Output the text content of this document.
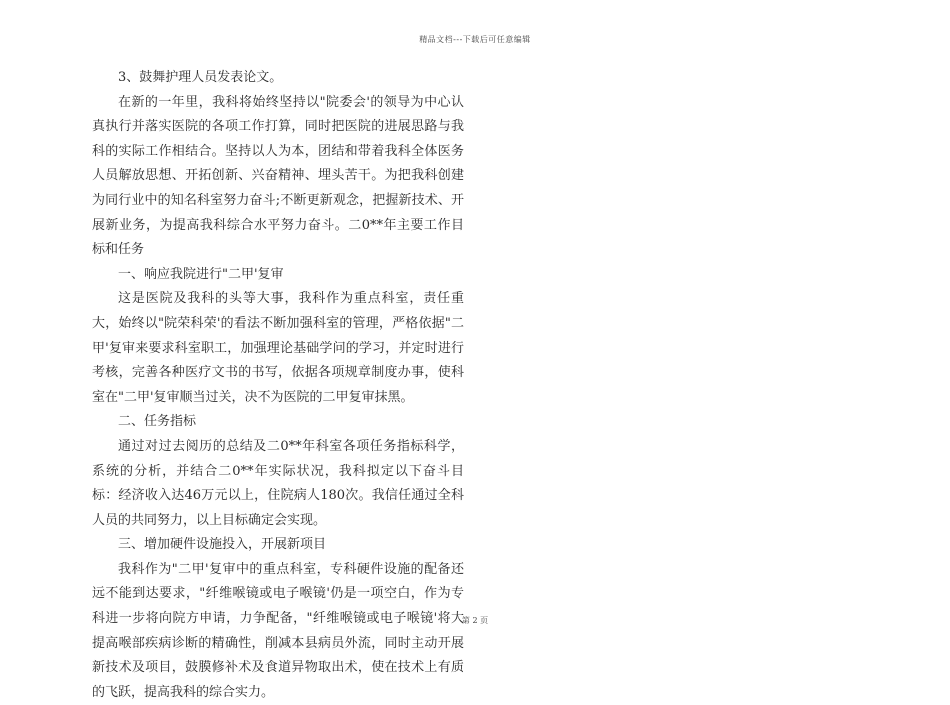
精品文档---下载后可任意编辑

3、鼓舞护理人员发表论文。

在新的一年里，我科将始终坚持以"院委会'的领导为中心认真执行并落实医院的各项工作打算，同时把医院的进展思路与我科的实际工作相结合。坚持以人为本，团结和带着我科全体医务人员解放思想、开拓创新、兴奋精神、埋头苦干。为把我科创建为同行业中的知名科室努力奋斗;不断更新观念，把握新技术、开展新业务，为提高我科综合水平努力奋斗。二0**年主要工作目标和任务

一、响应我院进行"二甲'复审

这是医院及我科的头等大事，我科作为重点科室，责任重大，始终以"院荣科荣'的看法不断加强科室的管理，严格依据"二甲'复审来要求科室职工，加强理论基础学问的学习，并定时进行考核，完善各种医疗文书的书写，依据各项规章制度办事，使科室在"二甲'复审顺当过关，决不为医院的二甲复审抹黑。

二、任务指标

通过对过去阅历的总结及二0**年科室各项任务指标科学，系统的分析，并结合二0**年实际状况，我科拟定以下奋斗目标：经济收入达46万元以上，住院病人180次。我信任通过全科人员的共同努力，以上目标确定会实现。

三、增加硬件设施投入，开展新项目

我科作为"二甲'复审中的重点科室，专科硬件设施的配备还远不能到达要求，"纤维喉镜或电子喉镜'仍是一项空白，作为专科进一步将向院方申请，力争配备，"纤维喉镜或电子喉镜'将大提高喉部疾病诊断的精确性，削减本县病员外流，同时主动开展新技术及项目，鼓膜修补术及食道异物取出术，使在技术上有质的飞跃，提高我科的综合实力。

第 2 页
